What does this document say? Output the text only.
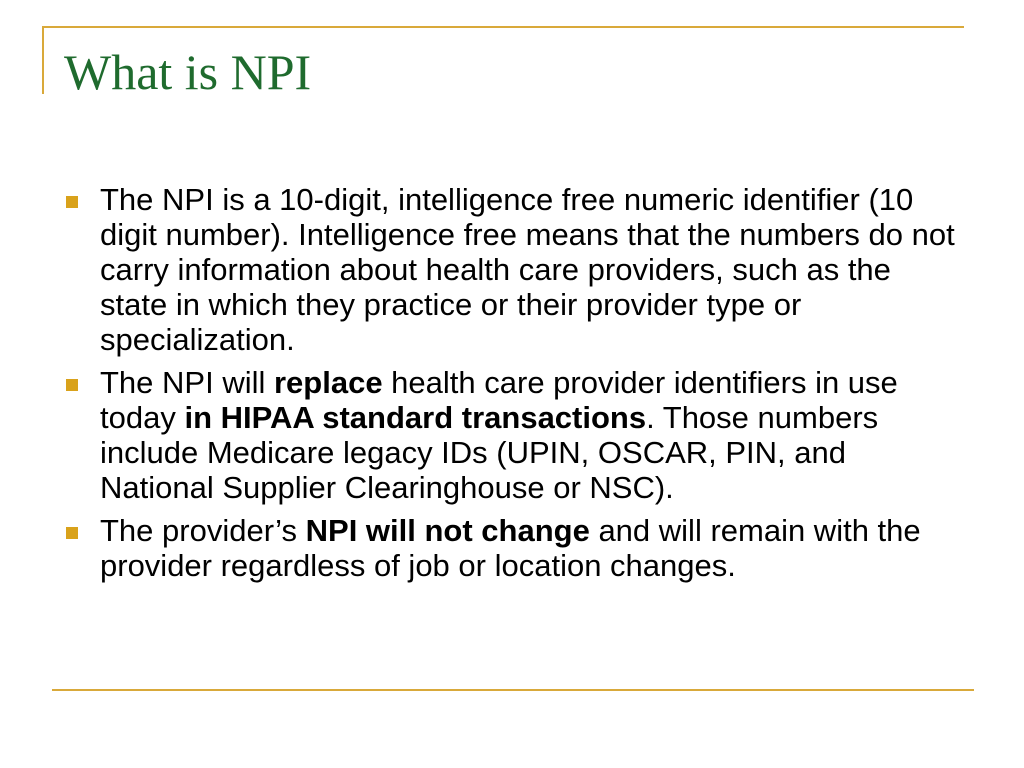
What is NPI
The NPI is a 10-digit, intelligence free numeric identifier (10 digit number). Intelligence free means that the numbers do not carry information about health care providers, such as the state in which they practice or their provider type or specialization.
The NPI will replace health care provider identifiers in use today in HIPAA standard transactions. Those numbers include Medicare legacy IDs (UPIN, OSCAR, PIN, and National Supplier Clearinghouse or NSC).
The provider’s NPI will not change and will remain with the provider regardless of job or location changes.
